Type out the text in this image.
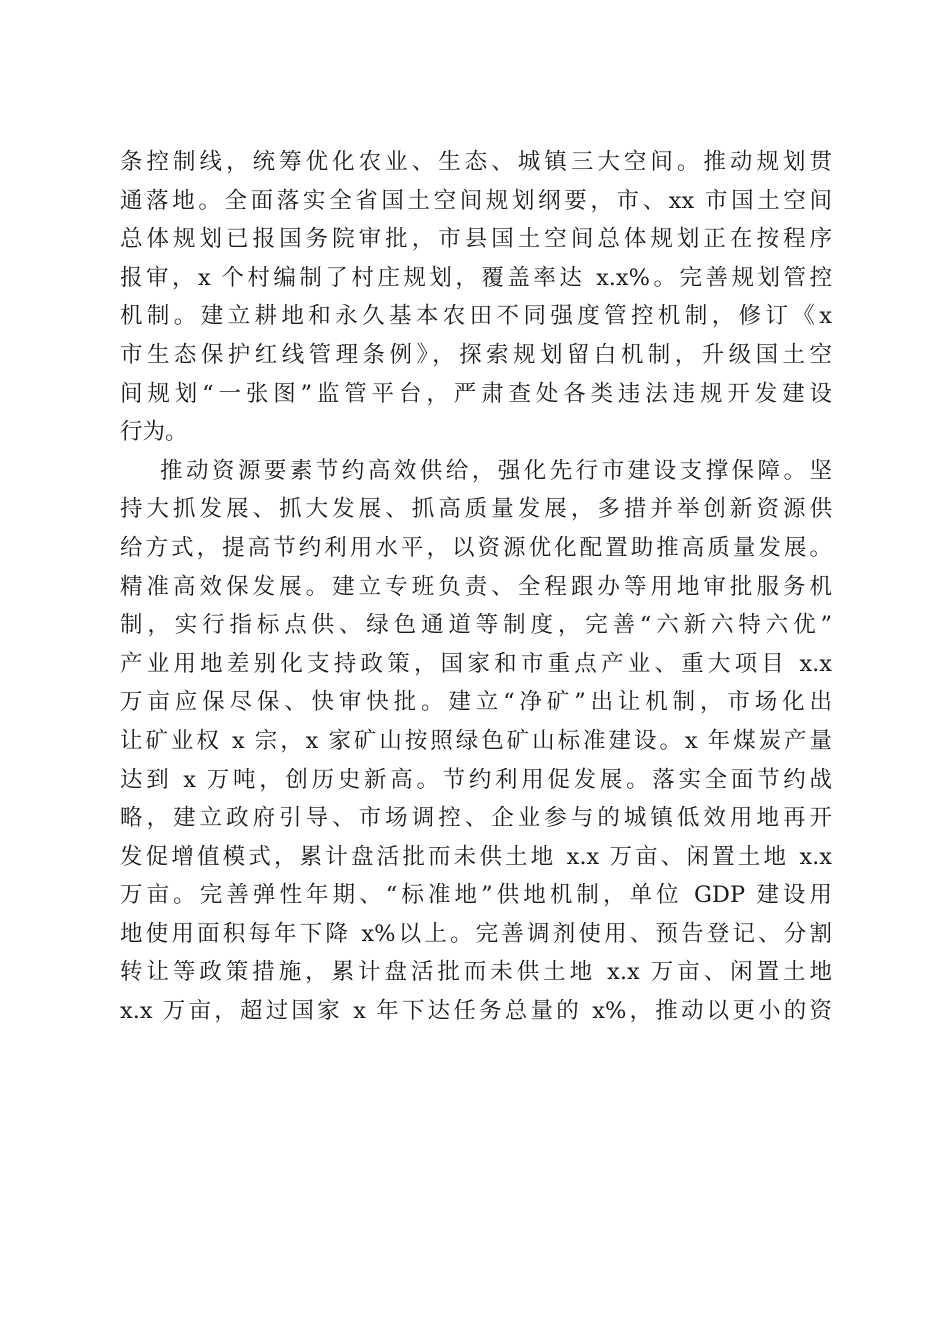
条控制线，统筹优化农业、生态、城镇三大空间。推动规划贯
通落地。全面落实全省国土空间规划纲要，市、xx 市国土空间
总体规划已报国务院审批，市县国土空间总体规划正在按程序
报审，x 个村编制了村庄规划，覆盖率达 x.x%。完善规划管控
机制。建立耕地和永久基本农田不同强度管控机制，修订《x
市生态保护红线管理条例》，探索规划留白机制，升级国土空
间规划“一张图”监管平台，严肃查处各类违法违规开发建设
行为。
推动资源要素节约高效供给，强化先行市建设支撑保障。坚
持大抓发展、抓大发展、抓高质量发展，多措并举创新资源供
给方式，提高节约利用水平，以资源优化配置助推高质量发展。
精准高效保发展。建立专班负责、全程跟办等用地审批服务机
制，实行指标点供、绿色通道等制度，完善“六新六特六优”
产业用地差别化支持政策，国家和市重点产业、重大项目 x.x
万亩应保尽保、快审快批。建立“净矿”出让机制，市场化出
让矿业权 x 宗，x 家矿山按照绿色矿山标准建设。x 年煤炭产量
达到 x 万吨，创历史新高。节约利用促发展。落实全面节约战
略，建立政府引导、市场调控、企业参与的城镇低效用地再开
发促增值模式，累计盘活批而未供土地 x.x 万亩、闲置土地 x.x
万亩。完善弹性年期、“标准地”供地机制，单位 GDP 建设用
地使用面积每年下降 x%以上。完善调剂使用、预告登记、分割
转让等政策措施，累计盘活批而未供土地 x.x 万亩、闲置土地
x.x 万亩，超过国家 x 年下达任务总量的 x%，推动以更小的资
